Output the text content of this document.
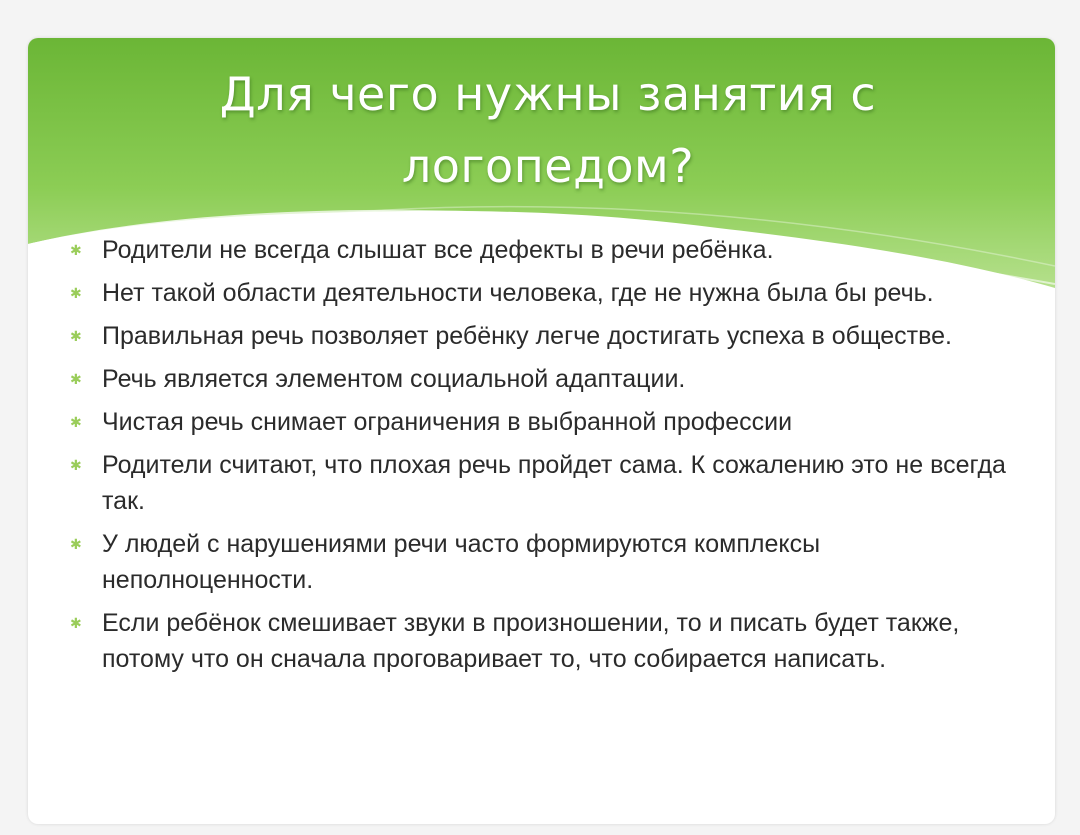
Для чего нужны занятия с логопедом?
✱ Родители не всегда слышат все дефекты в речи ребёнка.
✱ Нет такой области деятельности человека, где не нужна была бы речь.
✱ Правильная речь позволяет ребёнку легче достигать успеха в обществе.
✱ Речь является элементом социальной адаптации.
✱ Чистая речь снимает ограничения в выбранной профессии
✱ Родители считают, что плохая речь пройдет сама. К сожалению это не всегда так.
✱ У людей с нарушениями речи часто формируются комплексы неполноценности.
✱ Если ребёнок смешивает звуки в произношении, то и писать будет также, потому что он сначала проговаривает то, что собирается написать.
